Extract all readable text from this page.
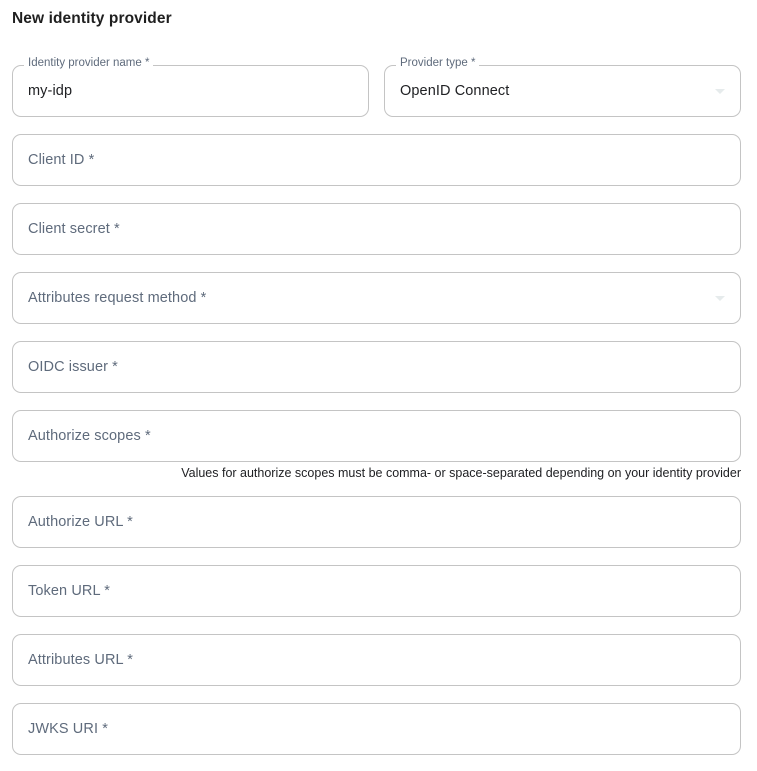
New identity provider
Identity provider name *
my-idp
Provider type *
OpenID Connect
Client ID *
Client secret *
Attributes request method *
OIDC issuer *
Authorize scopes *
Values for authorize scopes must be comma- or space-separated depending on your identity provider
Authorize URL *
Token URL *
Attributes URL *
JWKS URI *
